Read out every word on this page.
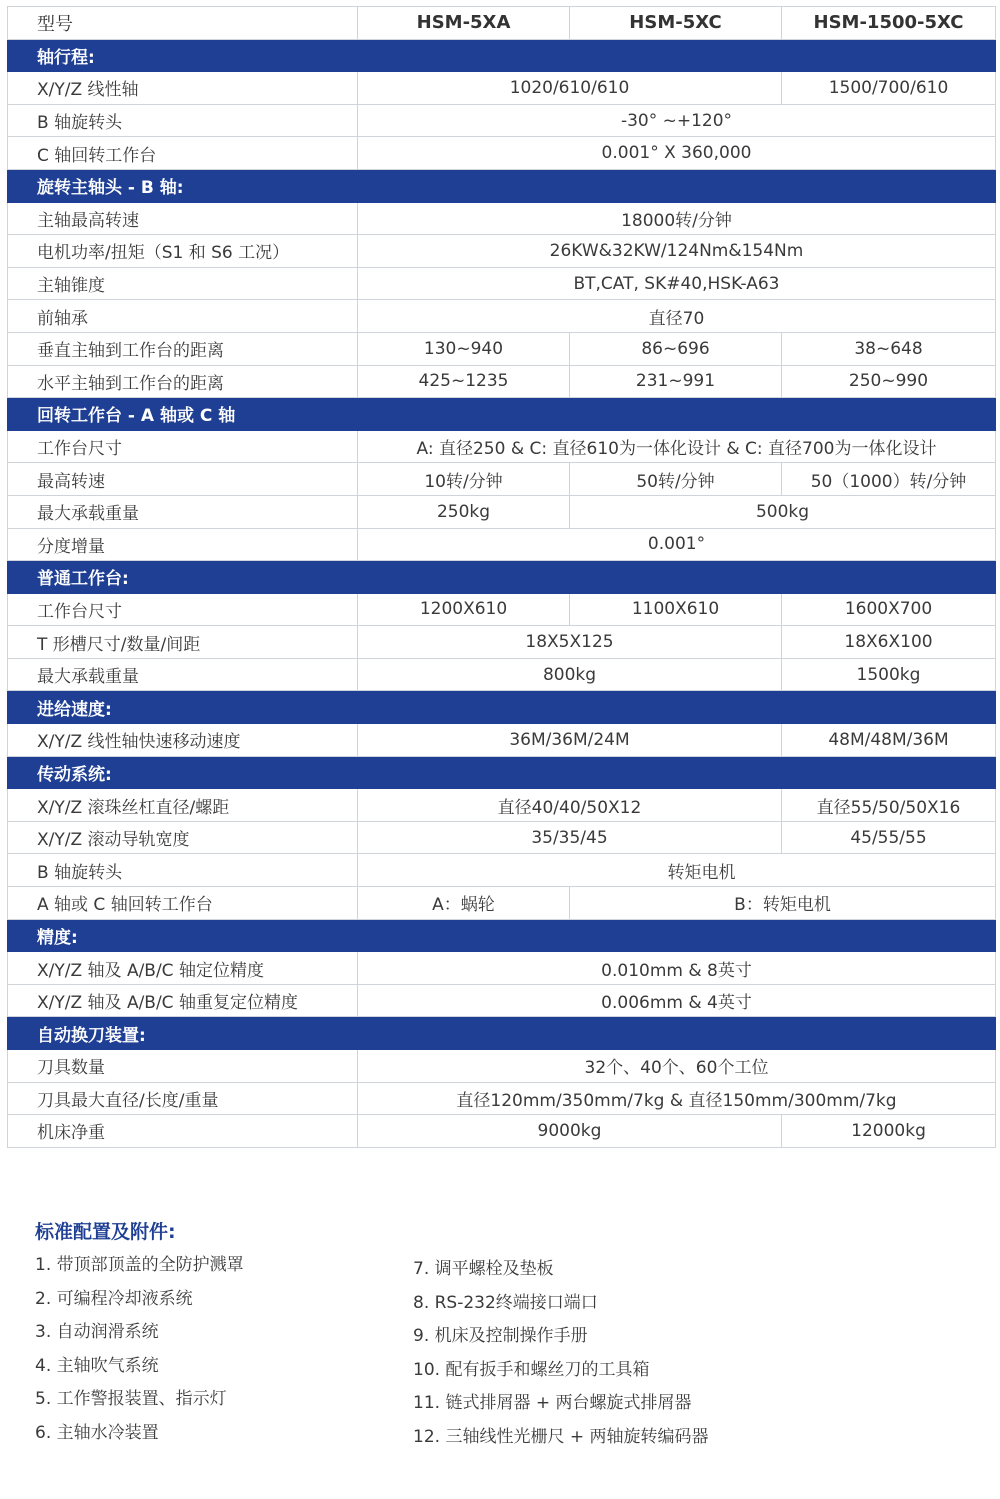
型号	HSM-5XA	HSM-5XC	HSM-1500-5XC
轴行程:			
X/Y/Z 线性轴	1020/610/610		1500/700/610
B 轴旋转头	-30° ~+120°		
C 轴回转工作台	0.001° X 360,000		
旋转主轴头 - B 轴:			
主轴最高转速	18000转/分钟		
电机功率/扭矩（S1 和 S6 工况）	26KW&32KW/124Nm&154Nm		
主轴锥度	BT,CAT, SK#40,HSK-A63		
前轴承	直径70		
垂直主轴到工作台的距离	130~940	86~696	38~648
水平主轴到工作台的距离	425~1235	231~991	250~990
回转工作台 - A 轴或 C 轴			
工作台尺寸	A: 直径250 & C: 直径610为一体化设计 & C: 直径700为一体化设计		
最高转速	10转/分钟	50转/分钟	50（1000）转/分钟
最大承载重量	250kg	500kg	
分度增量	0.001°		
普通工作台:			
工作台尺寸	1200X610	1100X610	1600X700
T 形槽尺寸/数量/间距	18X5X125		18X6X100
最大承载重量	800kg		1500kg
进给速度:			
X/Y/Z 线性轴快速移动速度	36M/36M/24M		48M/48M/36M
传动系统:			
X/Y/Z 滚珠丝杠直径/螺距	直径40/40/50X12		直径55/50/50X16
X/Y/Z 滚动导轨宽度	35/35/45		45/55/55
B 轴旋转头	转矩电机		
A 轴或 C 轴回转工作台	A：蜗轮	B：转矩电机	
精度:			
X/Y/Z 轴及 A/B/C 轴定位精度	0.010mm & 8英寸		
X/Y/Z 轴及 A/B/C 轴重复定位精度	0.006mm & 4英寸		
自动换刀装置:			
刀具数量	32个、40个、60个工位		
刀具最大直径/长度/重量	直径120mm/350mm/7kg & 直径150mm/300mm/7kg		
机床净重	9000kg		12000kg
标准配置及附件:
1. 带顶部顶盖的全防护溅罩
2. 可编程冷却液系统
3. 自动润滑系统
4. 主轴吹气系统
5. 工作警报装置、指示灯
6. 主轴水冷装置
7. 调平螺栓及垫板
8. RS-232终端接口端口
9. 机床及控制操作手册
10. 配有扳手和螺丝刀的工具箱
11. 链式排屑器 + 两台螺旋式排屑器
12. 三轴线性光栅尺 + 两轴旋转编码器
